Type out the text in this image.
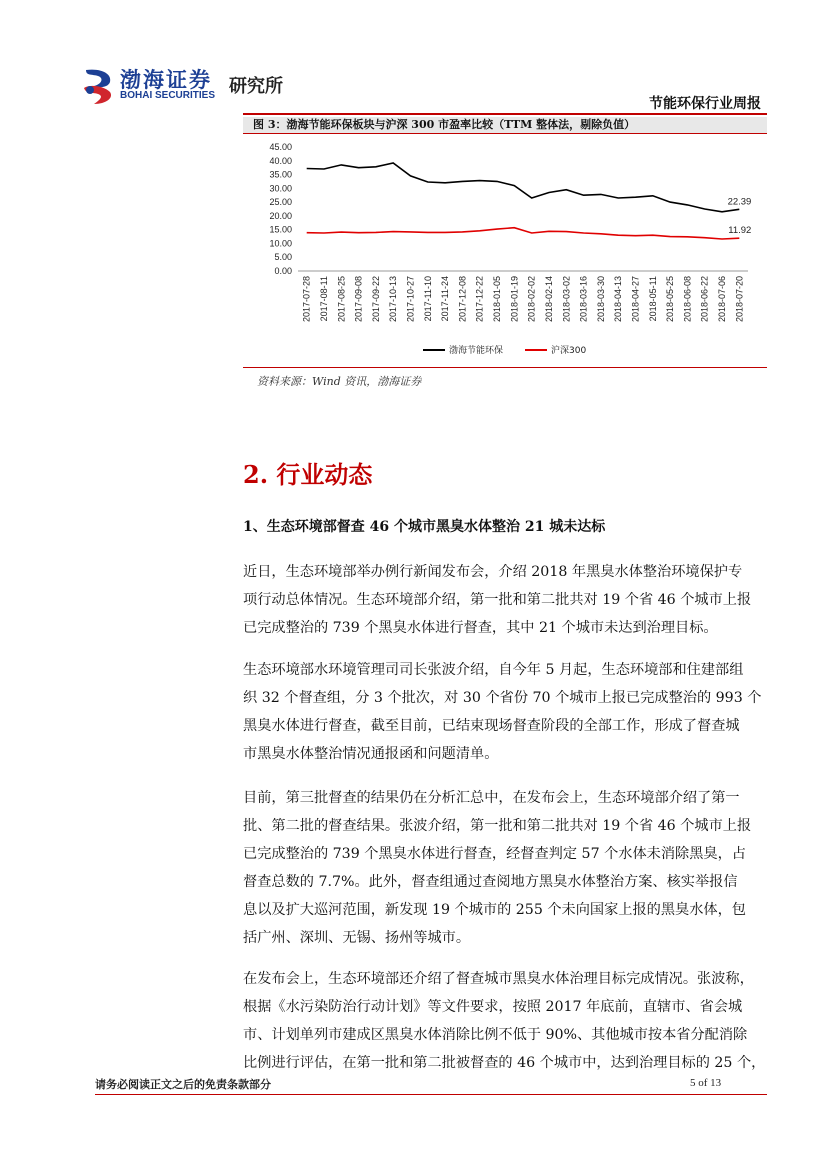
渤海证券
BOHAI SECURITIES 研究所
节能环保行业周报
图 3：渤海节能环保板块与沪深 300 市盈率比较（TTM 整体法，剔除负值）
0.00
5.00
10.00
15.00
20.00
25.00
30.00
35.00
40.00
45.00
2017-07-28 2017-08-11 2017-08-25 2017-09-08 2017-09-22 2017-10-13 2017-10-27 2017-11-10 2017-11-24 2017-12-08 2017-12-22 2018-01-05 2018-01-19 2018-02-02 2018-02-14 2018-03-02 2018-03-16 2018-03-30 2018-04-13 2018-04-27 2018-05-11 2018-05-25 2018-06-08 2018-06-22 2018-07-06 2018-07-20
22.39
11.92
渤海节能环保	沪深300
资料来源：Wind 资讯，渤海证券
2. 行业动态
1、生态环境部督查 46 个城市黑臭水体整治 21 城未达标
近日，生态环境部举办例行新闻发布会，介绍 2018 年黑臭水体整治环境保护专
项行动总体情况。生态环境部介绍，第一批和第二批共对 19 个省 46 个城市上报
已完成整治的 739 个黑臭水体进行督查，其中 21 个城市未达到治理目标。
生态环境部水环境管理司司长张波介绍，自今年 5 月起，生态环境部和住建部组
织 32 个督查组，分 3 个批次，对 30 个省份 70 个城市上报已完成整治的 993 个
黑臭水体进行督查，截至目前，已结束现场督查阶段的全部工作，形成了督查城
市黑臭水体整治情况通报函和问题清单。
目前，第三批督查的结果仍在分析汇总中，在发布会上，生态环境部介绍了第一
批、第二批的督查结果。张波介绍，第一批和第二批共对 19 个省 46 个城市上报
已完成整治的 739 个黑臭水体进行督查，经督查判定 57 个水体未消除黑臭，占
督查总数的 7.7%。此外，督查组通过查阅地方黑臭水体整治方案、核实举报信
息以及扩大巡河范围，新发现 19 个城市的 255 个未向国家上报的黑臭水体，包
括广州、深圳、无锡、扬州等城市。
在发布会上，生态环境部还介绍了督查城市黑臭水体治理目标完成情况。张波称，
根据《水污染防治行动计划》等文件要求，按照 2017 年底前，直辖市、省会城
市、计划单列市建成区黑臭水体消除比例不低于 90%、其他城市按本省分配消除
比例进行评估，在第一批和第二批被督查的 46 个城市中，达到治理目标的 25 个，
请务必阅读正文之后的免责条款部分	5 of 13
